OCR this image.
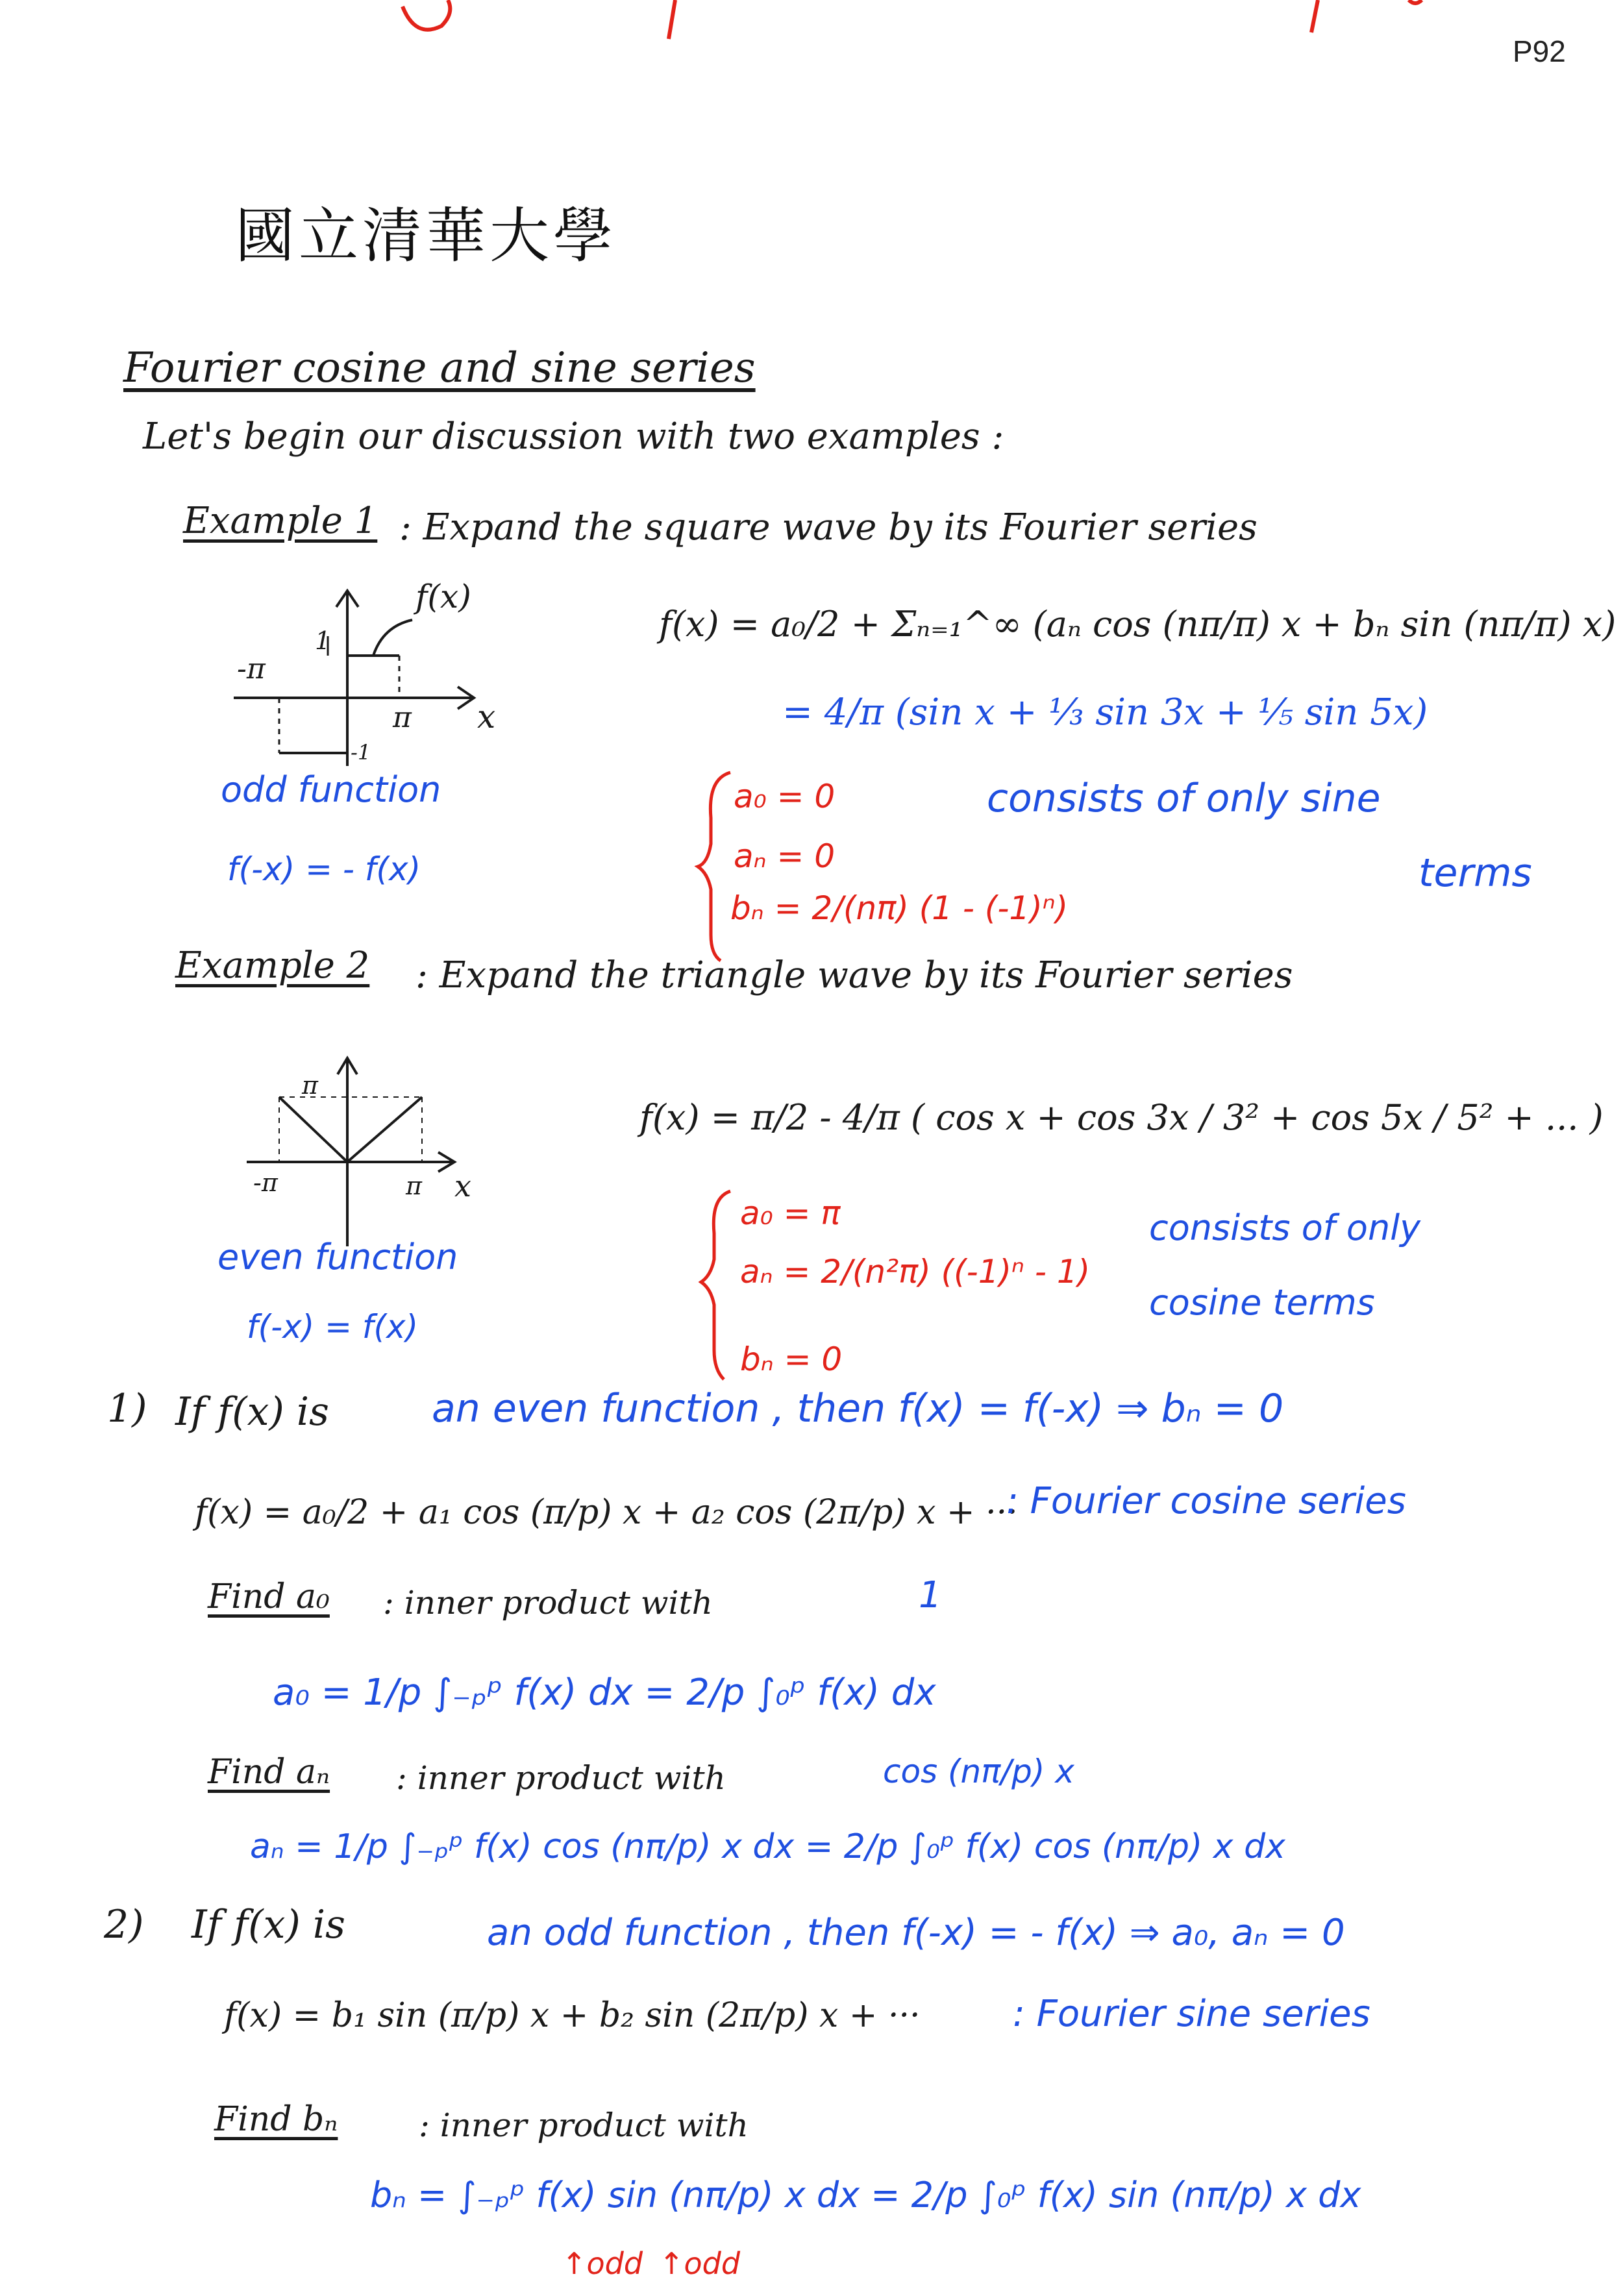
P92
國立清華大學
Fourier cosine and sine series
Let's begin our discussion with two examples :
Example 1 : Expand the square wave by its Fourier series
f(x)
1
-π
π x
-1
odd function
f(-x) = - f(x)
f(x) = a₀/2 + Σₙ₌₁^∞ (aₙ cos (nπ/π) x + bₙ sin (nπ/π) x)
= 4/π (sin x + ⅓ sin 3x + ⅕ sin 5x)
a₀ = 0
aₙ = 0
bₙ = 2/(nπ) (1 - (-1)ⁿ)
consists of only sine
terms
Example 2 : Expand the triangle wave by its Fourier series
π
-π	π x
even function
f(-x) = f(x)
f(x) = π/2 - 4/π ( cos x + cos 3x / 3² + cos 5x / 5² + ... )
a₀ = π
aₙ = 2/(n²π) ((-1)ⁿ - 1)
bₙ = 0
consists of only
cosine terms
1) If f(x) is	an even function , then f(x) = f(-x) ⇒ bₙ = 0
f(x) = a₀/2 + a₁ cos (π/p) x + a₂ cos (2π/p) x + ···
: Fourier cosine series
Find a₀ : inner product with	1
a₀ = 1/p ∫₋ₚᵖ f(x) dx = 2/p ∫₀ᵖ f(x) dx
Find aₙ : inner product with	cos (nπ/p) x
aₙ = 1/p ∫₋ₚᵖ f(x) cos (nπ/p) x dx = 2/p ∫₀ᵖ f(x) cos (nπ/p) x dx
2) If f(x) is	an odd function , then f(-x) = - f(x) ⇒ a₀, aₙ = 0
f(x) = b₁ sin (π/p) x + b₂ sin (2π/p) x + ···	: Fourier sine series
Find bₙ : inner product with
bₙ = ∫₋ₚᵖ f(x) sin (nπ/p) x dx = 2/p ∫₀ᵖ f(x) sin (nπ/p) x dx
↑odd ↑odd
